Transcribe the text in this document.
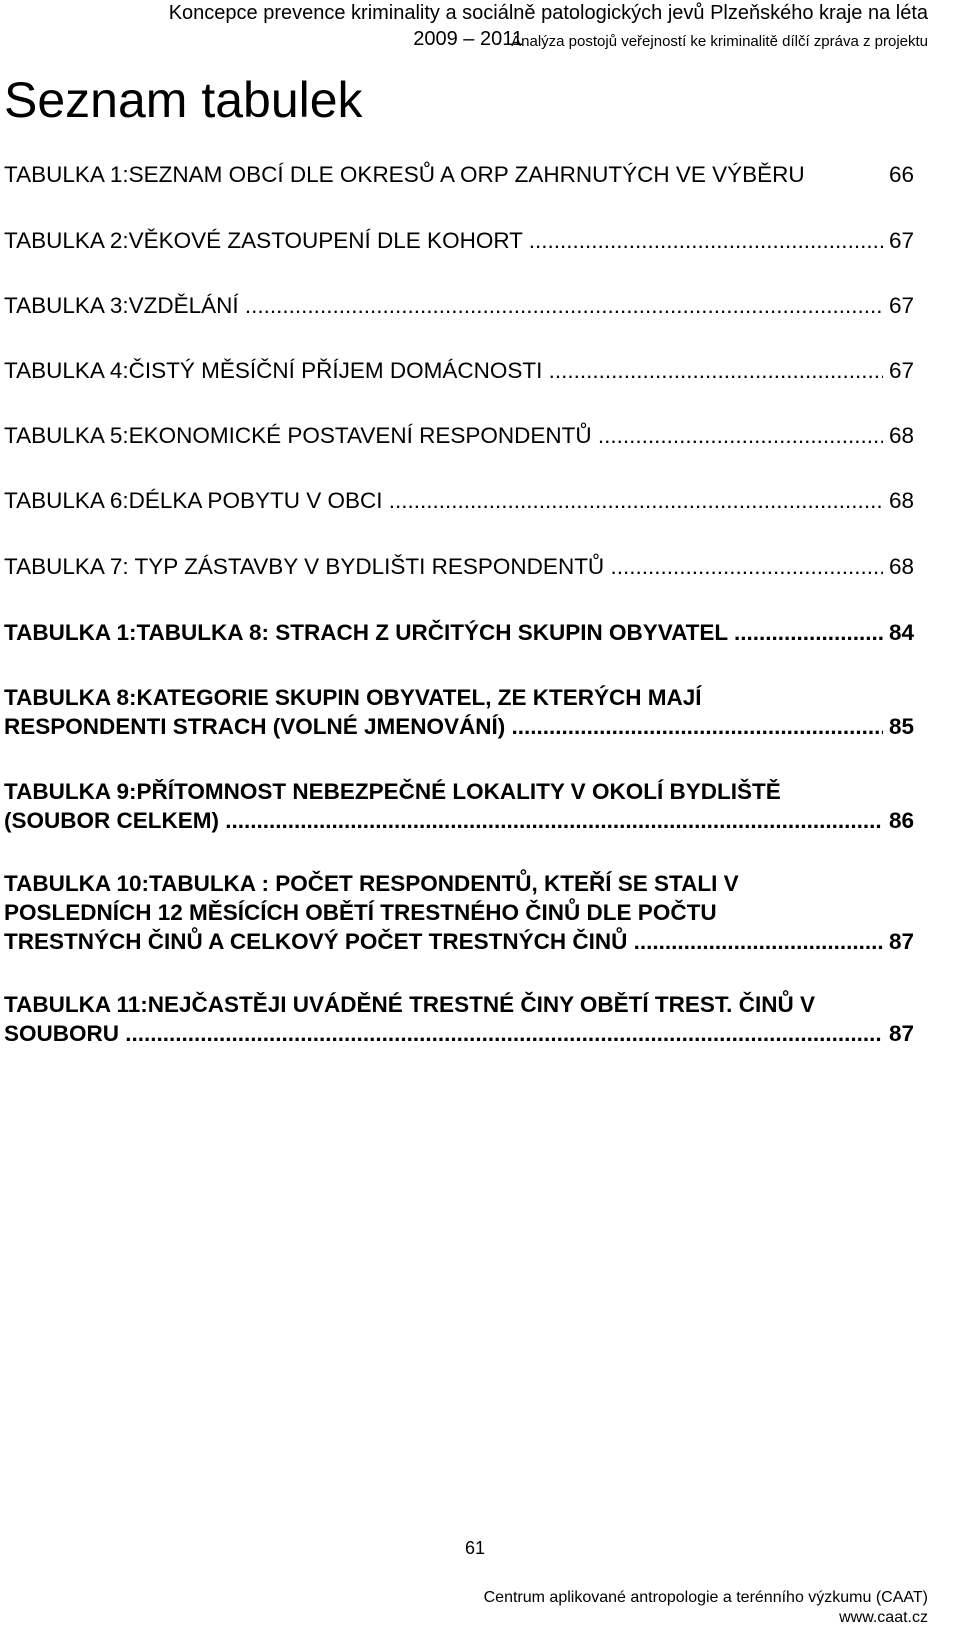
Koncepce prevence kriminality a sociálně patologických jevů Plzeňského kraje na léta
2009 – 2011
Analýza postojů veřejností ke kriminalitě dílčí zpráva z projektu
Seznam tabulek
TABULKA 1:SEZNAM OBCÍ DLE OKRESŮ A ORP ZAHRNUTÝCH VE VÝBĚRU	66
TABULKA 2:VĚKOVÉ ZASTOUPENÍ DLE KOHORT .....	67
TABULKA 3:VZDĚLÁNÍ .....	67
TABULKA 4:ČISTÝ MĚSÍČNÍ PŘÍJEM DOMÁCNOSTI .....	67
TABULKA 5:EKONOMICKÉ POSTAVENÍ RESPONDENTŮ .....	68
TABULKA 6:DÉLKA POBYTU V OBCI .....	68
TABULKA 7: TYP ZÁSTAVBY V BYDLIŠTI RESPONDENTŮ .....	68
TABULKA 1:TABULKA 8: STRACH Z URČITÝCH SKUPIN OBYVATEL .....	84
TABULKA 8:KATEGORIE SKUPIN OBYVATEL, ZE KTERÝCH MAJÍ
RESPONDENTI STRACH (VOLNÉ JMENOVÁNÍ) .....	85
TABULKA 9:PŘÍTOMNOST NEBEZPEČNÉ LOKALITY V OKOLÍ BYDLIŠTĚ
(SOUBOR CELKEM) .....	86
TABULKA 10:TABULKA : POČET RESPONDENTŮ, KTEŘÍ SE STALI V
POSLEDNÍCH 12 MĚSÍCÍCH OBĚTÍ TRESTNÉHO ČINŮ DLE POČTU
TRESTNÝCH ČINŮ A CELKOVÝ POČET TRESTNÝCH ČINŮ .....	87
TABULKA 11:NEJČASTĚJI UVÁDĚNÉ TRESTNÉ ČINY OBĚTÍ TREST. ČINŮ V
SOUBORU .....	87
61
Centrum aplikované antropologie a terénního výzkumu (CAAT)
www.caat.cz
